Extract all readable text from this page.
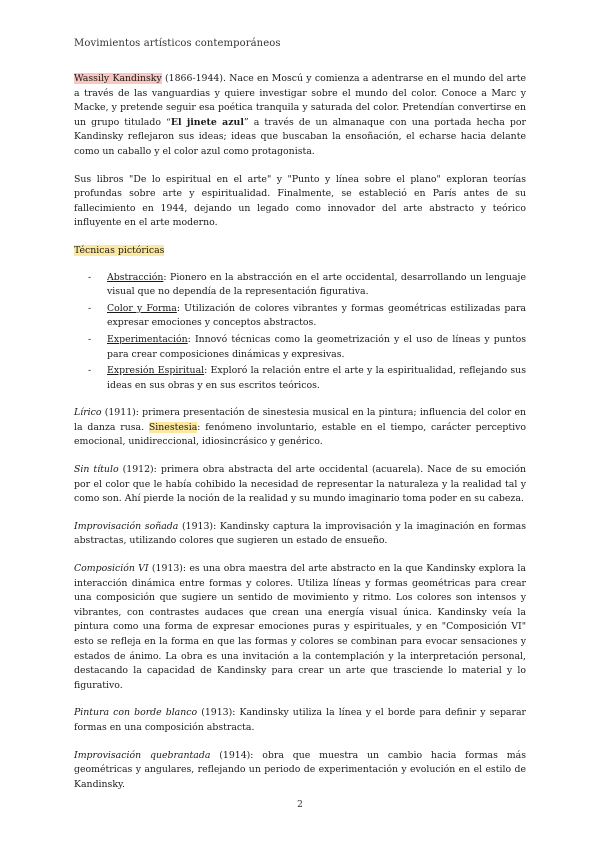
Movimientos artísticos contemporáneos

Wassily Kandinsky (1866-1944). Nace en Moscú y comienza a adentrarse en el mundo del arte a través de las vanguardias y quiere investigar sobre el mundo del color. Conoce a Marc y Macke, y pretende seguir esa poética tranquila y saturada del color. Pretendían convertirse en un grupo titulado “El jinete azul” a través de un almanaque con una portada hecha por Kandinsky reflejaron sus ideas; ideas que buscaban la ensoñación, el echarse hacia delante como un caballo y el color azul como protagonista.

Sus libros "De lo espiritual en el arte" y "Punto y línea sobre el plano" exploran teorías profundas sobre arte y espiritualidad. Finalmente, se estableció en París antes de su fallecimiento en 1944, dejando un legado como innovador del arte abstracto y teórico influyente en el arte moderno.

Técnicas pictóricas
- Abstracción: Pionero en la abstracción en el arte occidental, desarrollando un lenguaje visual que no dependía de la representación figurativa.
- Color y Forma: Utilización de colores vibrantes y formas geométricas estilizadas para expresar emociones y conceptos abstractos.
- Experimentación: Innovó técnicas como la geometrización y el uso de líneas y puntos para crear composiciones dinámicas y expresivas.
- Expresión Espiritual: Exploró la relación entre el arte y la espiritualidad, reflejando sus ideas en sus obras y en sus escritos teóricos.

Lírico (1911): primera presentación de sinestesia musical en la pintura; influencia del color en la danza rusa. Sinestesia: fenómeno involuntario, estable en el tiempo, carácter perceptivo emocional, unidireccional, idiosincrásico y genérico.

Sin título (1912): primera obra abstracta del arte occidental (acuarela). Nace de su emoción por el color que le había cohibido la necesidad de representar la naturaleza y la realidad tal y como son. Ahí pierde la noción de la realidad y su mundo imaginario toma poder en su cabeza.

Improvisación soñada (1913): Kandinsky captura la improvisación y la imaginación en formas abstractas, utilizando colores que sugieren un estado de ensueño.

Composición VI (1913): es una obra maestra del arte abstracto en la que Kandinsky explora la interacción dinámica entre formas y colores. Utiliza líneas y formas geométricas para crear una composición que sugiere un sentido de movimiento y ritmo. Los colores son intensos y vibrantes, con contrastes audaces que crean una energía visual única. Kandinsky veía la pintura como una forma de expresar emociones puras y espirituales, y en "Composición VI" esto se refleja en la forma en que las formas y colores se combinan para evocar sensaciones y estados de ánimo. La obra es una invitación a la contemplación y la interpretación personal, destacando la capacidad de Kandinsky para crear un arte que trasciende lo material y lo figurativo.

Pintura con borde blanco (1913): Kandinsky utiliza la línea y el borde para definir y separar formas en una composición abstracta.

Improvisación quebrantada (1914): obra que muestra un cambio hacia formas más geométricas y angulares, reflejando un periodo de experimentación y evolución en el estilo de Kandinsky.

2
